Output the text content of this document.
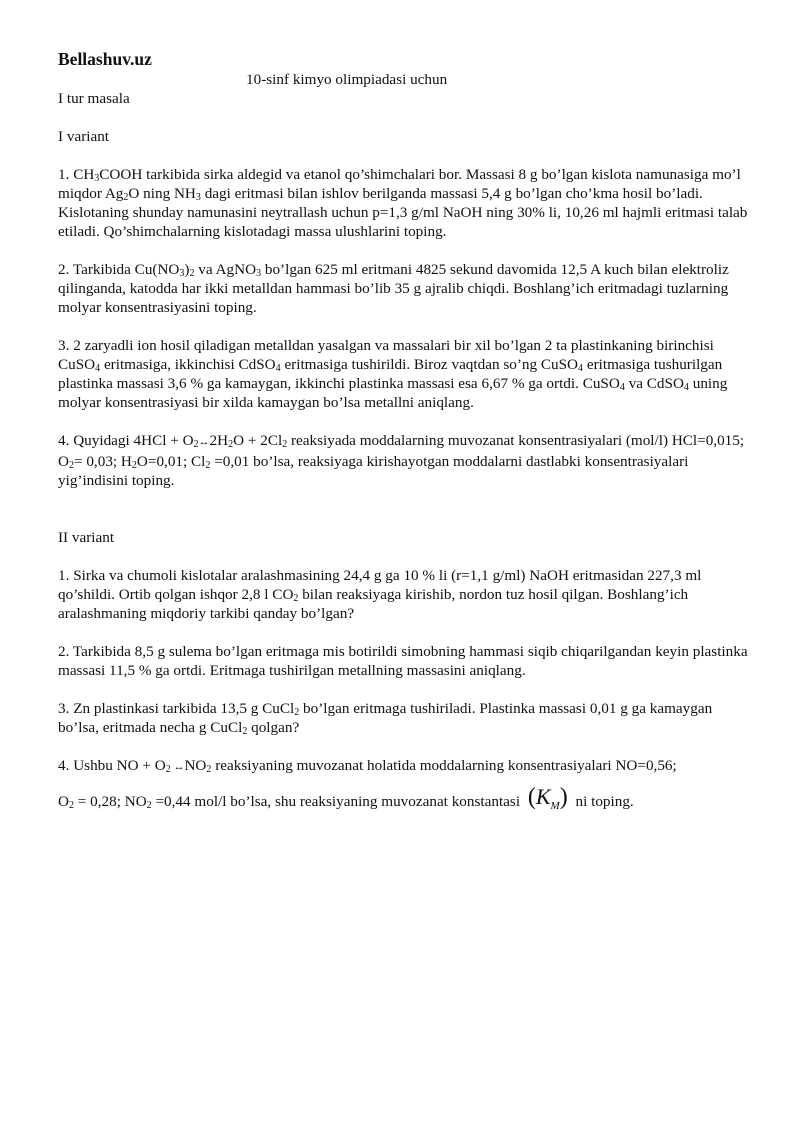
Bellashuv.uz

10-sinf kimyo olimpiadasi uchun

I tur masala

I variant

1. $CH_3COOH$ tarkibida sirka aldegid va etanol qo’shimchalari bor. Massasi 8 g bo’lgan kislota namunasiga mo’l miqdor $Ag_2O$ ning $NH_3$ dagi eritmasi bilan ishlov berilganda massasi 5,4 g bo’lgan cho’kma hosil bo’ladi. Kislotaning shunday namunasini neytrallash uchun p=1,3 g/ml NaOH ning 30% li, 10,26 ml hajmli eritmasi talab etiladi. Qo’shimchalarning kislotadagi massa ulushlarini toping.

2. Tarkibida $Cu(NO_3)_2$ va AgNO$_3$ bo’lgan 625 ml eritmani 4825 sekund davomida 12,5 A kuch bilan elektroliz qilinganda, katodda har ikki metalldan hammasi bo’lib 35 g ajralib chiqdi. Boshlang’ich eritmadagi tuzlarning molyar konsentrasiyasini toping.

3. 2 zaryadli ion hosil qiladigan metalldan yasalgan va massalari bir xil bo’lgan 2 ta plastinkaning birinchisi CuSO$_4$ eritmasiga, ikkinchisi CdSO$_4$ eritmasiga tushirildi. Biroz vaqtdan so’ng CuSO$_4$ eritmasiga tushurilgan plastinka massasi 3,6 % ga kamaygan, ikkinchi plastinka massasi esa 6,67 % ga ortdi. CuSO$_4$ va CdSO$_4$ uning molyar konsentrasiyasi bir xilda kamaygan bo’lsa metallni aniqlang.

4. Quyidagi $4HCl + O_2\leftrightarrow 2H_2O + 2Cl_2$ reaksiyada moddalarning muvozanat konsentrasiyalari (mol/l) HCl=0,015; $O_2= 0,03$; $H_2O=0,01$; $Cl_2 =0,01$ bo’lsa, reaksiyaga kirishayotgan moddalarni dastlabki konsentrasiyalari yig’indisini toping.

II variant

1. Sirka va chumoli kislotalar aralashmasining 24,4 g ga 10 % li (r=1,1 g/ml) NaOH eritmasidan 227,3 ml qo’shildi. Ortib qolgan ishqor 2,8 l $CO_2$ bilan reaksiyaga kirishib, nordon tuz hosil qilgan. Boshlang’ich aralashmaning miqdoriy tarkibi qanday bo’lgan?

2. Tarkibida 8,5 g sulema bo’lgan eritmaga mis botirildi simobning hammasi siqib chiqarilgandan keyin plastinka massasi 11,5 % ga ortdi. Eritmaga tushirilgan metallning massasini aniqlang.

3. Zn plastinkasi tarkibida 13,5 g CuCl$_2$ bo’lgan eritmaga tushiriladi. Plastinka massasi 0,01 g ga kamaygan bo’lsa, eritmada necha g CuCl$_2$ qolgan?

4. Ushbu NO + $O_2$ $\leftrightarrow NO_2$ reaksiyaning muvozanat holatida moddalarning konsentrasiyalari NO=0,56;
$O_2 = 0,28$; $NO_2 =0,44$ mol/l bo’lsa, shu reaksiyaning muvozanat konstantasi $(K_M)$ ni toping.
